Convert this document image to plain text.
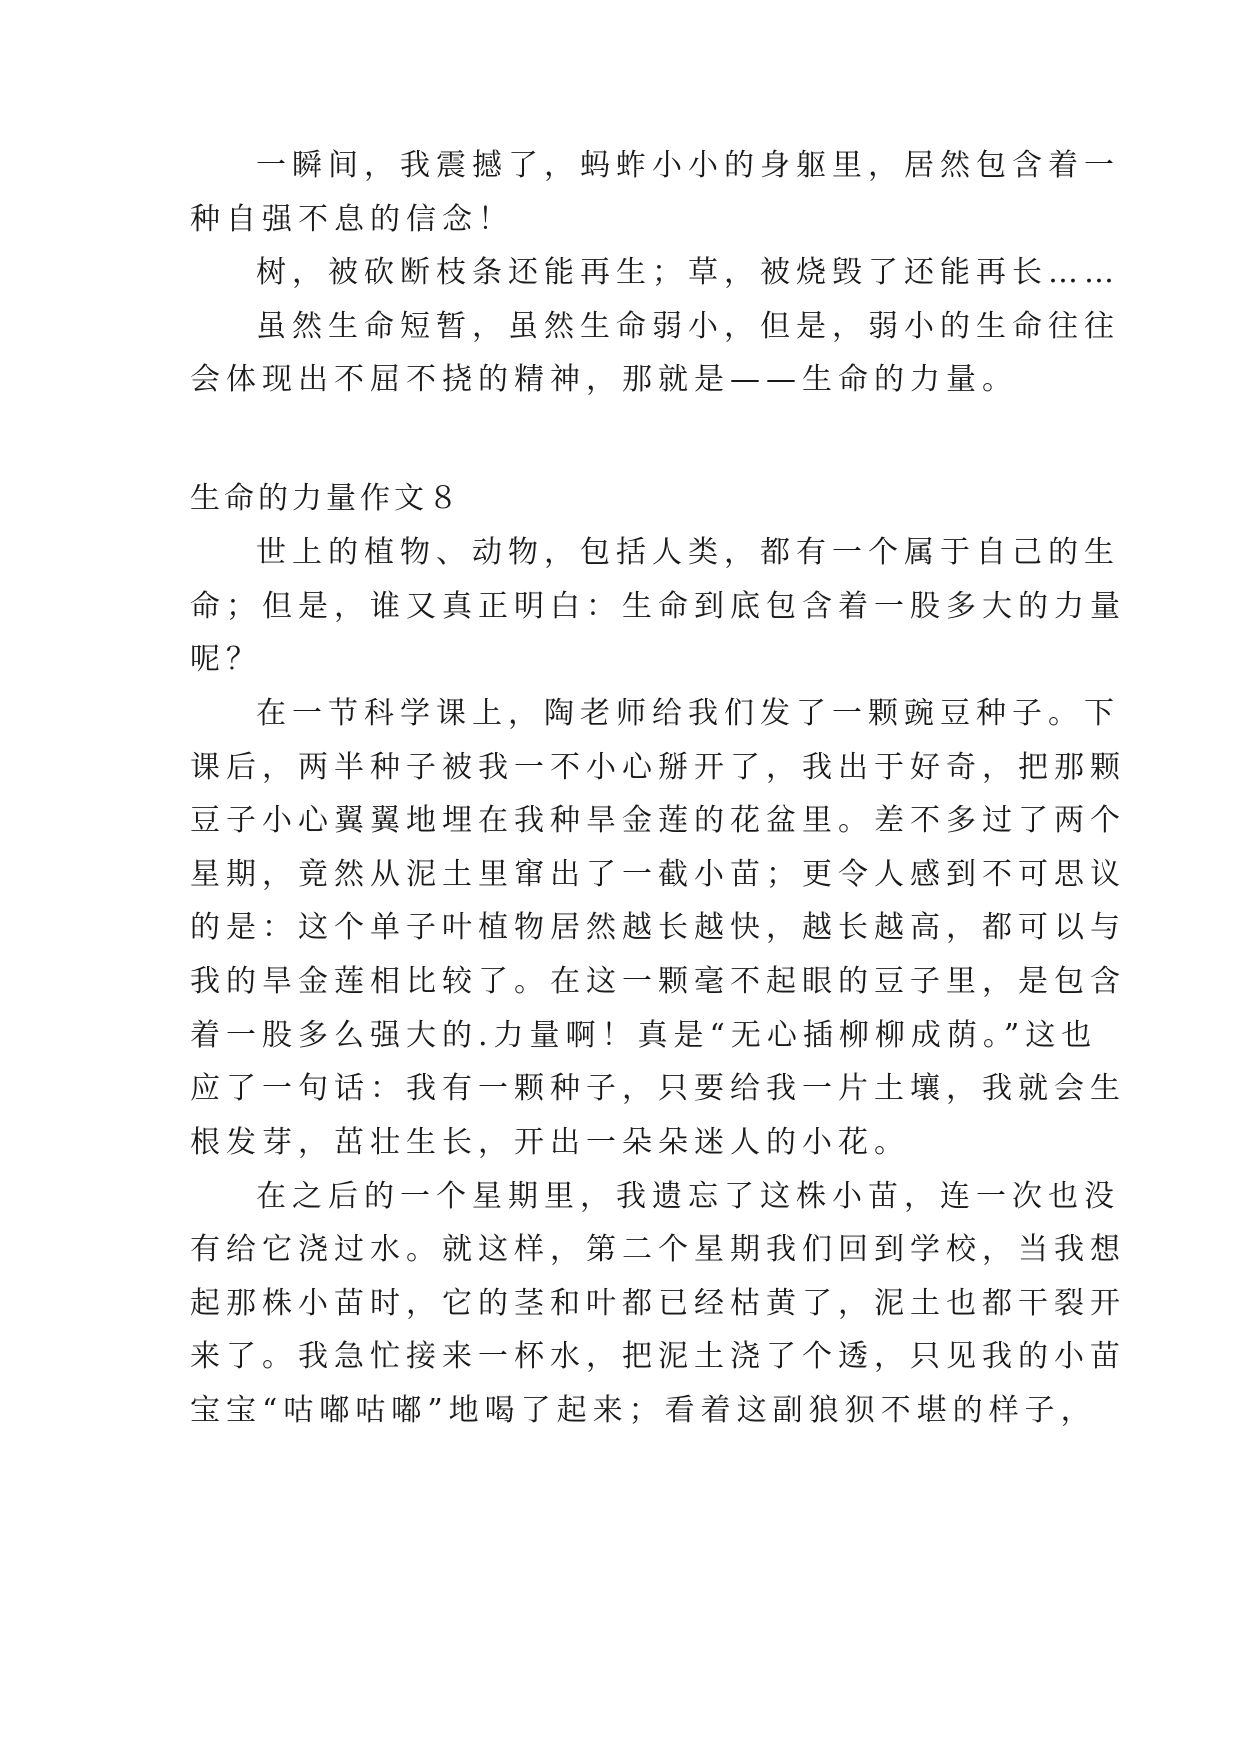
一瞬间，我震撼了，蚂蚱小小的身躯里，居然包含着一
种自强不息的信念！
树，被砍断枝条还能再生；草，被烧毁了还能再长……
虽然生命短暂，虽然生命弱小，但是，弱小的生命往往
会体现出不屈不挠的精神，那就是——生命的力量。
生命的力量作文８
世上的植物、动物，包括人类，都有一个属于自己的生
命；但是，谁又真正明白：生命到底包含着一股多大的力量
呢？
在一节科学课上，陶老师给我们发了一颗豌豆种子。下
课后，两半种子被我一不小心掰开了，我出于好奇，把那颗
豆子小心翼翼地埋在我种旱金莲的花盆里。差不多过了两个
星期，竟然从泥土里窜出了一截小苗；更令人感到不可思议
的是：这个单子叶植物居然越长越快，越长越高，都可以与
我的旱金莲相比较了。在这一颗毫不起眼的豆子里，是包含
着一股多么强大的.力量啊！真是“无心插柳柳成荫。”这也
应了一句话：我有一颗种子，只要给我一片土壤，我就会生
根发芽，茁壮生长，开出一朵朵迷人的小花。
在之后的一个星期里，我遗忘了这株小苗，连一次也没
有给它浇过水。就这样，第二个星期我们回到学校，当我想
起那株小苗时，它的茎和叶都已经枯黄了，泥土也都干裂开
来了。我急忙接来一杯水，把泥土浇了个透，只见我的小苗
宝宝“咕嘟咕嘟”地喝了起来；看着这副狼狈不堪的样子，
